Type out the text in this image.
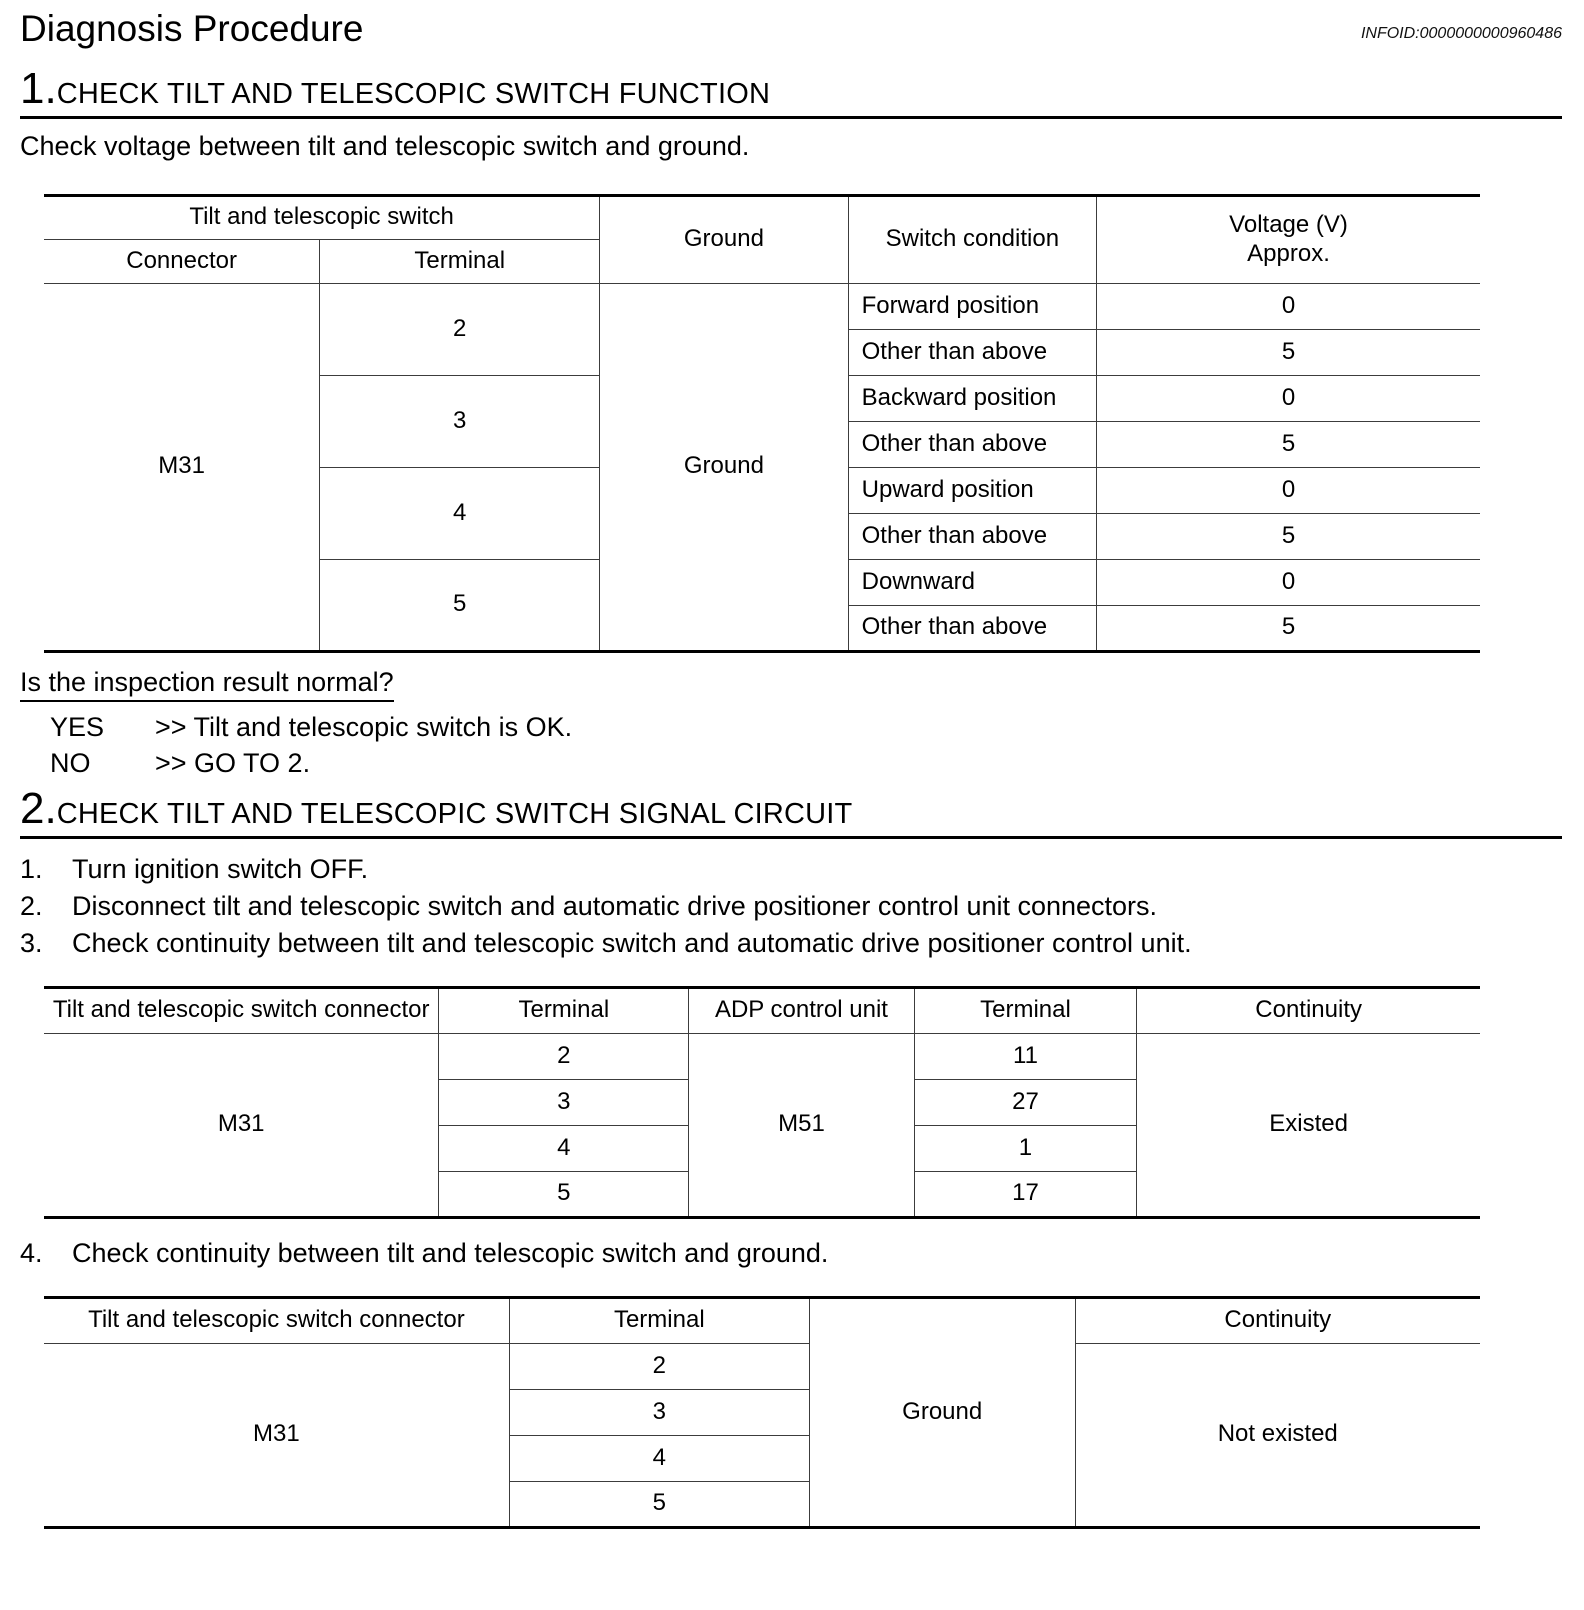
Diagnosis Procedure	INFOID:0000000000960486
1. CHECK TILT AND TELESCOPIC SWITCH FUNCTION
Check voltage between tilt and telescopic switch and ground.
Tilt and telescopic switch		Ground	Switch condition	Voltage (V)
Approx.

Connector	Terminal			
M31	2	Ground	Forward position	0
			Other than above	5
	3		Backward position	0
			Other than above	5
	4		Upward position	0
			Other than above	5
	5		Downward	0
			Other than above	5
Is the inspection result normal?
YES	>> Tilt and telescopic switch is OK.
NO	>> GO TO 2.
2. CHECK TILT AND TELESCOPIC SWITCH SIGNAL CIRCUIT
1.	Turn ignition switch OFF.
2.	Disconnect tilt and telescopic switch and automatic drive positioner control unit connectors.
3.	Check continuity between tilt and telescopic switch and automatic drive positioner control unit.
Tilt and telescopic switch connector	Terminal	ADP control unit	Terminal	Continuity
M31	2	M51	11	Existed
	3		27	
	4		1	
	5		17	
4.	Check continuity between tilt and telescopic switch and ground.
Tilt and telescopic switch connector	Terminal	Ground	Continuity
M31	2		Not existed
	3		
	4		
	5		
